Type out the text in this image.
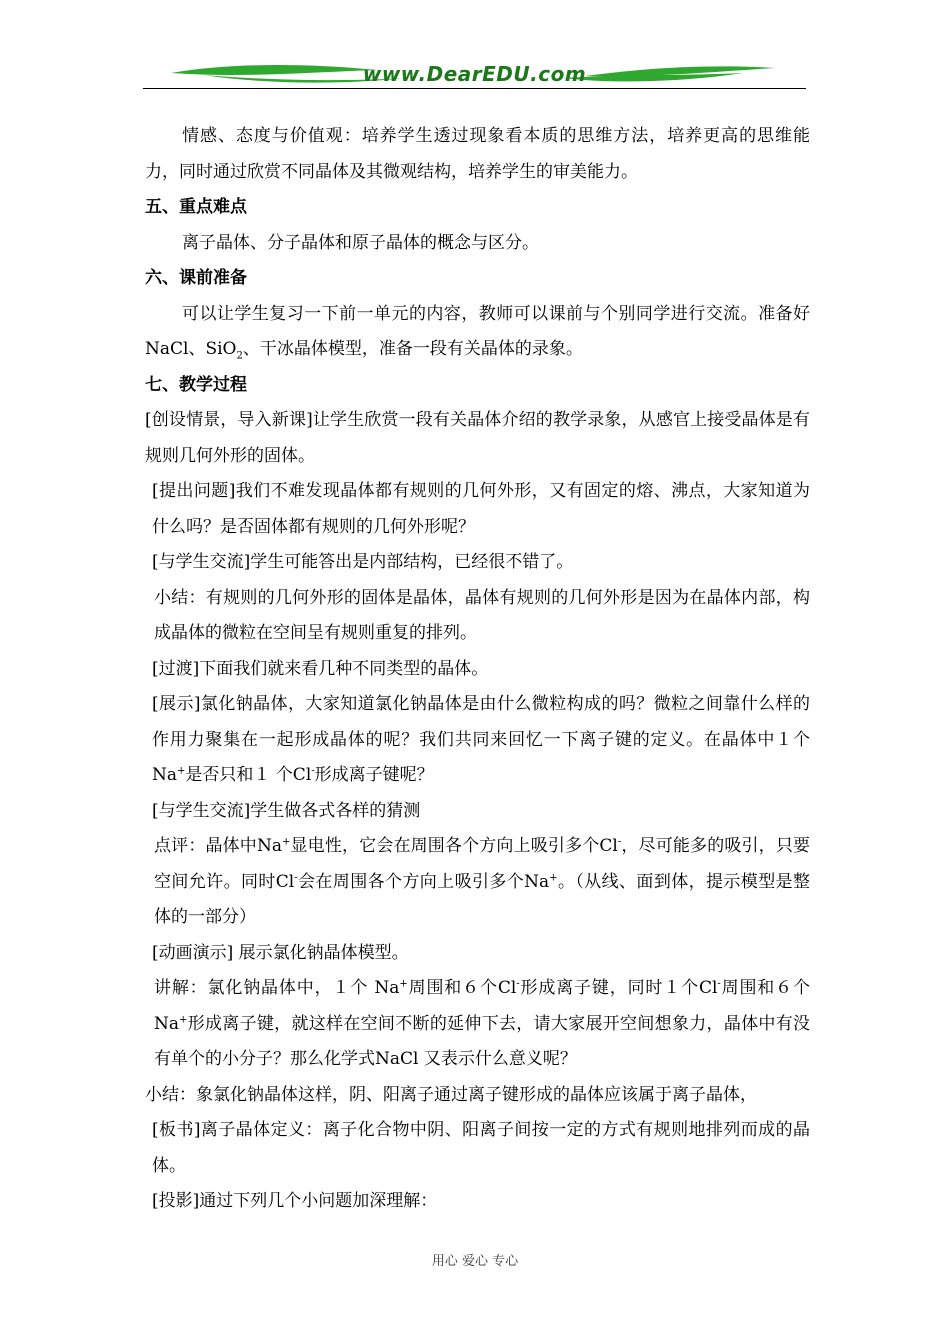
www.DearEDU.com

情感、态度与价值观：培养学生透过现象看本质的思维方法，培养更高的思维能力，同时通过欣赏不同晶体及其微观结构，培养学生的审美能力。

五、重点难点

离子晶体、分子晶体和原子晶体的概念与区分。

六、课前准备

可以让学生复习一下前一单元的内容，教师可以课前与个别同学进行交流。准备好NaCl、SiO$_2$、干冰晶体模型，准备一段有关晶体的录象。

七、教学过程

[创设情景，导入新课]让学生欣赏一段有关晶体介绍的教学录象，从感官上接受晶体是有规则几何外形的固体。

[提出问题]我们不难发现晶体都有规则的几何外形，又有固定的熔、沸点，大家知道为什么吗？是否固体都有规则的几何外形呢？

[与学生交流]学生可能答出是内部结构，已经很不错了。

小结：有规则的几何外形的固体是晶体，晶体有规则的几何外形是因为在晶体内部，构成晶体的微粒在空间呈有规则重复的排列。

[过渡]下面我们就来看几种不同类型的晶体。

[展示]氯化钠晶体，大家知道氯化钠晶体是由什么微粒构成的吗？微粒之间靠什么样的作用力聚集在一起形成晶体的呢？我们共同来回忆一下离子键的定义。在晶体中１个 Na+是否只和１ 个Cl-形成离子键呢？

[与学生交流]学生做各式各样的猜测

点评：晶体中Na+显电性，它会在周围各个方向上吸引多个Cl-，尽可能多的吸引，只要空间允许。同时Cl-会在周围各个方向上吸引多个Na+。（从线、面到体，提示模型是整体的一部分）

[动画演示] 展示氯化钠晶体模型。

讲解：氯化钠晶体中，１个 Na+周围和６个Cl-形成离子键，同时１个Cl-周围和６个Na+形成离子键，就这样在空间不断的延伸下去，请大家展开空间想象力，晶体中有没有单个的小分子？那么化学式NaCl 又表示什么意义呢？

小结：象氯化钠晶体这样，阴、阳离子通过离子键形成的晶体应该属于离子晶体，

[板书]离子晶体定义：离子化合物中阴、阳离子间按一定的方式有规则地排列而成的晶体。

[投影]通过下列几个小问题加深理解：

用心 爱心 专心
